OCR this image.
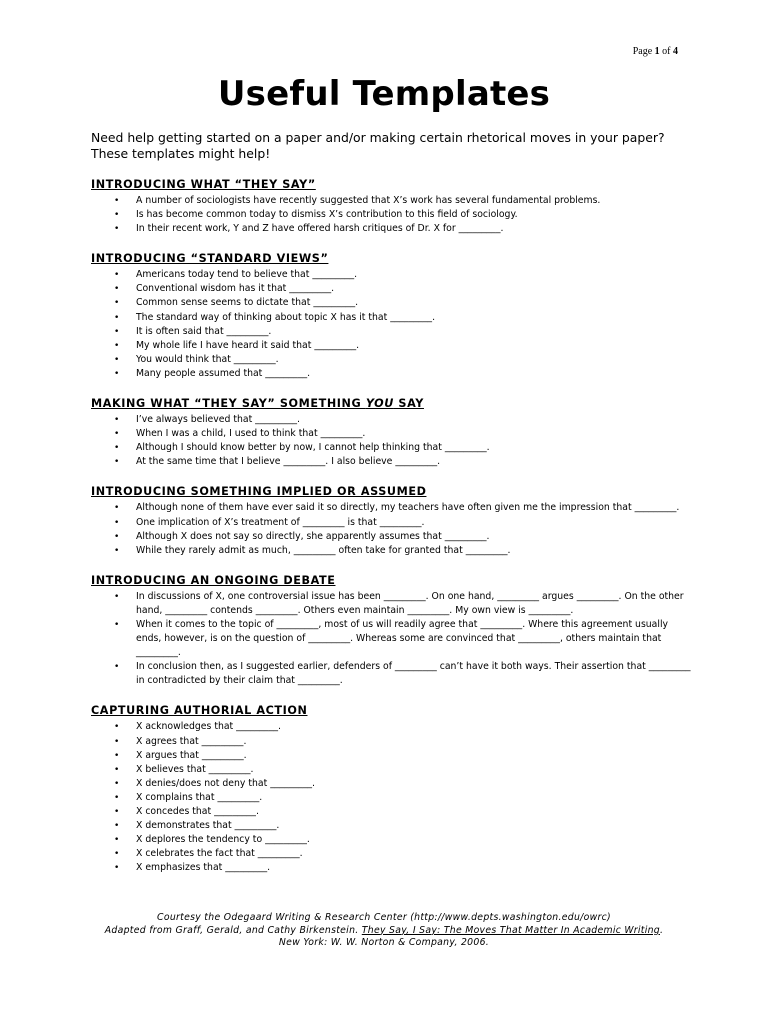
Page 1 of 4
Useful Templates
Need help getting started on a paper and/or making certain rhetorical moves in your paper? These templates might help!
INTRODUCING WHAT “THEY SAY”
• A number of sociologists have recently suggested that X’s work has several fundamental problems.
• Is has become common today to dismiss X’s contribution to this field of sociology.
• In their recent work, Y and Z have offered harsh critiques of Dr. X for _________.
INTRODUCING “STANDARD VIEWS”
• Americans today tend to believe that _________.
• Conventional wisdom has it that _________.
• Common sense seems to dictate that _________.
• The standard way of thinking about topic X has it that _________.
• It is often said that _________.
• My whole life I have heard it said that _________.
• You would think that _________.
• Many people assumed that _________.
MAKING WHAT “THEY SAY” SOMETHING YOU SAY
• I’ve always believed that _________.
• When I was a child, I used to think that _________.
• Although I should know better by now, I cannot help thinking that _________.
• At the same time that I believe _________. I also believe _________.
INTRODUCING SOMETHING IMPLIED OR ASSUMED
• Although none of them have ever said it so directly, my teachers have often given me the impression that _________.
• One implication of X’s treatment of _________ is that _________.
• Although X does not say so directly, she apparently assumes that _________.
• While they rarely admit as much, _________ often take for granted that _________.
INTRODUCING AN ONGOING DEBATE
• In discussions of X, one controversial issue has been _________. On one hand, _________ argues _________. On the other hand, _________ contends _________. Others even maintain _________. My own view is _________.
• When it comes to the topic of _________, most of us will readily agree that _________. Where this agreement usually ends, however, is on the question of _________. Whereas some are convinced that _________, others maintain that _________.
• In conclusion then, as I suggested earlier, defenders of _________ can’t have it both ways. Their assertion that _________ in contradicted by their claim that _________.
CAPTURING AUTHORIAL ACTION
• X acknowledges that _________.
• X agrees that _________.
• X argues that _________.
• X believes that _________.
• X denies/does not deny that _________.
• X complains that _________.
• X concedes that _________.
• X demonstrates that _________.
• X deplores the tendency to _________.
• X celebrates the fact that _________.
• X emphasizes that _________.
Courtesy the Odegaard Writing & Research Center (http://www.depts.washington.edu/owrc)
Adapted from Graff, Gerald, and Cathy Birkenstein. They Say, I Say: The Moves That Matter In Academic Writing.
New York: W. W. Norton & Company, 2006.
